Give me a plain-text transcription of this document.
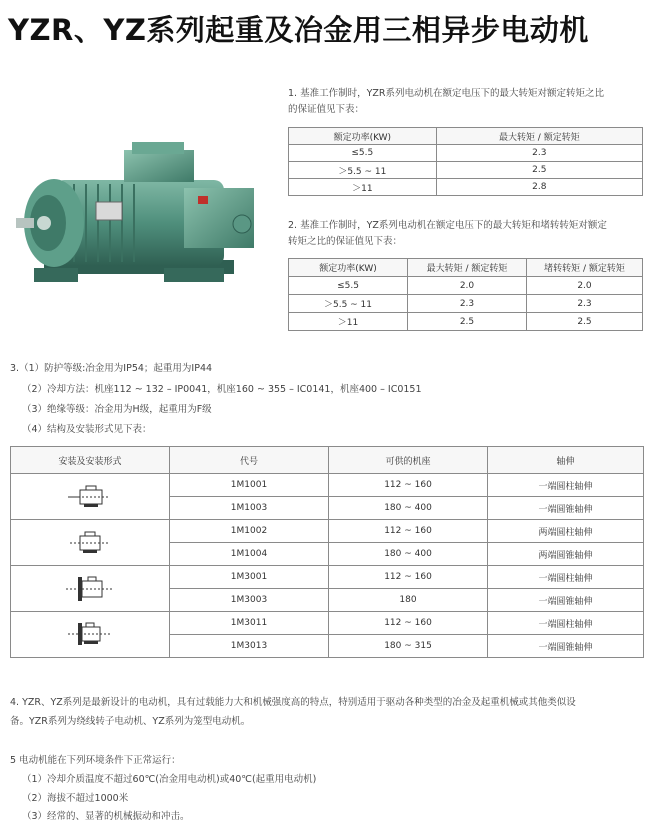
YZR、YZ系列起重及冶金用三相异步电动机
1. 基准工作制时，YZR系列电动机在额定电压下的最大转矩对额定转矩之比
的保证值见下表：
额定功率(KW)	最大转矩 / 额定转矩
≤5.5	2.3
＞5.5 ~ 11	2.5
＞11	2.8
2. 基准工作制时，YZ系列电动机在额定电压下的最大转矩和堵转转矩对额定
转矩之比的保证值见下表：
额定功率(KW)	最大转矩 / 额定转矩	堵转转矩 / 额定转矩
≤5.5	2.0	2.0
＞5.5 ~ 11	2.3	2.3
＞11	2.5	2.5
3.（1）防护等级:冶金用为IP54；起重用为IP44
（2）冷却方法：机座112 ~ 132 – IP0041，机座160 ~ 355 – IC0141，机座400 – IC0151
（3）绝缘等级：冶金用为H级，起重用为F级
（4）结构及安装形式见下表：
安装及安装形式	代号	可供的机座	轴伸

	1M1001	112 ~ 160	一端圆柱轴伸
	1M1003	180 ~ 400	一端圆锥轴伸

	1M1002	112 ~ 160	两端圆柱轴伸
	1M1004	180 ~ 400	两端圆锥轴伸

	1M3001	112 ~ 160	一端圆柱轴伸
	1M3003	180	一端圆锥轴伸

	1M3011	112 ~ 160	一端圆柱轴伸
	1M3013	180 ~ 315	一端圆锥轴伸
4. YZR、YZ系列是最新设计的电动机，具有过载能力大和机械强度高的特点，特别适用于驱动各种类型的冶金及起重机械或其他类似设
备。YZR系列为绕线转子电动机、YZ系列为笼型电动机。
5 电动机能在下列环境条件下正常运行：
（1）冷却介质温度不超过60℃(冶金用电动机)或40℃(起重用电动机)
（2）海拔不超过1000米
（3）经常的、显著的机械振动和冲击。
